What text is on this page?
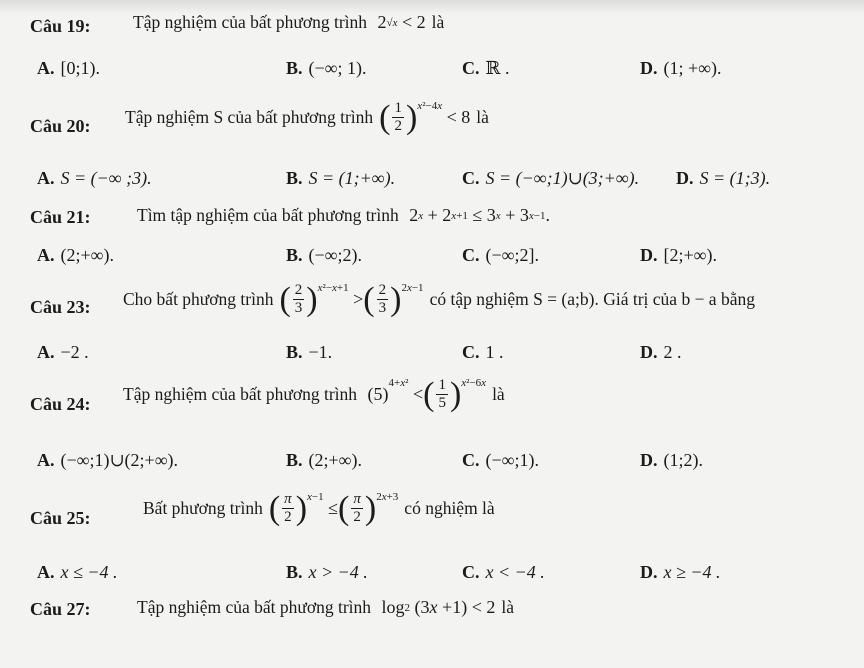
Câu 19: Tập nghiệm của bất phương trình 2 √x < 2 là
A. [0;1).	B. (−∞; 1).	C. ℝ .	D. (1; +∞).
Câu 20: Tập nghiệm S của bất phương trình ( $\frac{1}{2}$ ) $^{x^2-4x}$
< 8 là
A. S = (−∞ ;3).	B. S = (1;+∞).	C. S = (−∞;1)∪(3;+∞). D. S = (1;3).
Câu 21:	Tìm tập nghiệm của bất phương trình 2 x + 2 x+1 ≤ 3 x + 3 x−1 .
A. (2;+∞).	B. (−∞;2).	C. (−∞;2].	D. [2;+∞).
Câu 23: Cho bất phương trình ( $\frac{2}{3}$ ) $^{x^2-x+1}$
> ( $\frac{2}{3} )^{2x-1}$
có tập nghiệm S = (a;b). Giá trị của b − a bằng
A. −2 .	B. −1.	C. 1 .	D. 2 .
Câu 24: Tập nghiệm của bất phương trình (5)
4+x²
< ( $\frac{1}{5}$ ) $^{x^2-6x}$
là
A. (−∞;1)∪(2;+∞).	B. (2;+∞).	C. (−∞;1).	D. (1;2).
Câu 25:	Bất phương trình ( $\frac{\pi}{2}$ ) $^{x-1}$
≤ ( $\frac{\pi}{2} )^{2x+3}$
có nghiệm là
A. x ≤ −4 .	B. x > −4 .	C. x < −4 .	D. x ≥ −4 .
Câu 27:	Tập nghiệm của bất phương trình log 2 (3 x +1) < 2 là
